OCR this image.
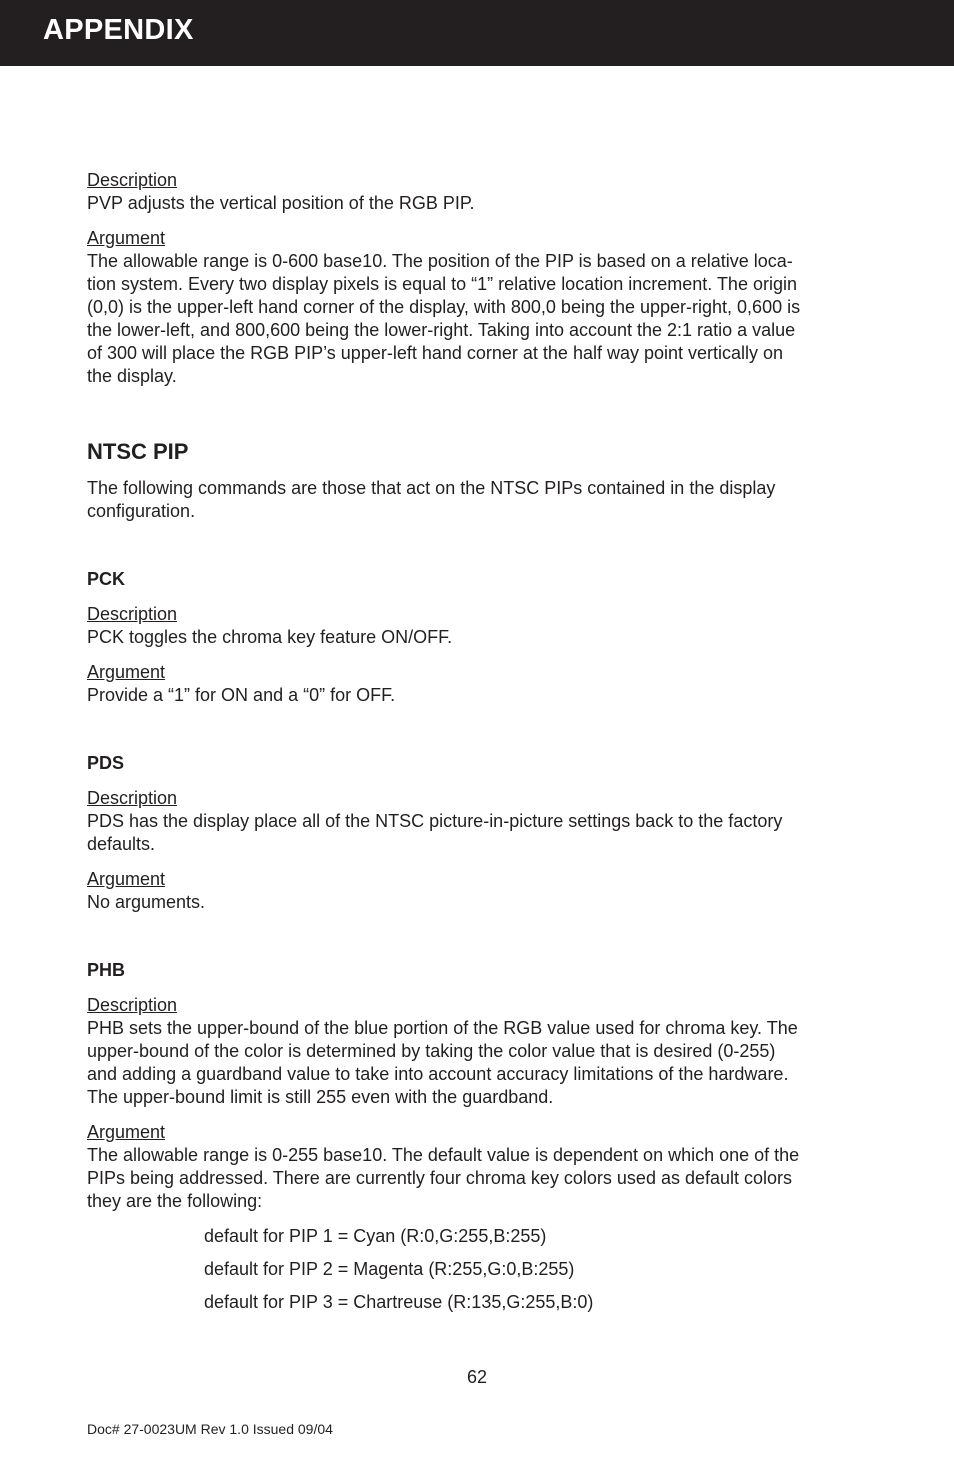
APPENDIX
Description
PVP adjusts the vertical position of the RGB PIP.
Argument
The allowable range is 0-600 base10. The position of the PIP is based on a relative loca-
tion system. Every two display pixels is equal to “1” relative location increment. The origin
(0,0) is the upper-left hand corner of the display, with 800,0 being the upper-right, 0,600 is
the lower-left, and 800,600 being the lower-right. Taking into account the 2:1 ratio a value
of 300 will place the RGB PIP’s upper-left hand corner at the half way point vertically on
the display.
NTSC PIP
The following commands are those that act on the NTSC PIPs contained in the display
configuration.
PCK
Description
PCK toggles the chroma key feature ON/OFF.
Argument
Provide a “1” for ON and a “0” for OFF.
PDS
Description
PDS has the display place all of the NTSC picture-in-picture settings back to the factory
defaults.
Argument
No arguments.
PHB
Description
PHB sets the upper-bound of the blue portion of the RGB value used for chroma key. The
upper-bound of the color is determined by taking the color value that is desired (0-255)
and adding a guardband value to take into account accuracy limitations of the hardware.
The upper-bound limit is still 255 even with the guardband.
Argument
The allowable range is 0-255 base10. The default value is dependent on which one of the
PIPs being addressed. There are currently four chroma key colors used as default colors
they are the following:
default for PIP 1 = Cyan (R:0,G:255,B:255)
default for PIP 2 = Magenta (R:255,G:0,B:255)
default for PIP 3 = Chartreuse (R:135,G:255,B:0)
62
Doc# 27-0023UM Rev 1.0 Issued 09/04
